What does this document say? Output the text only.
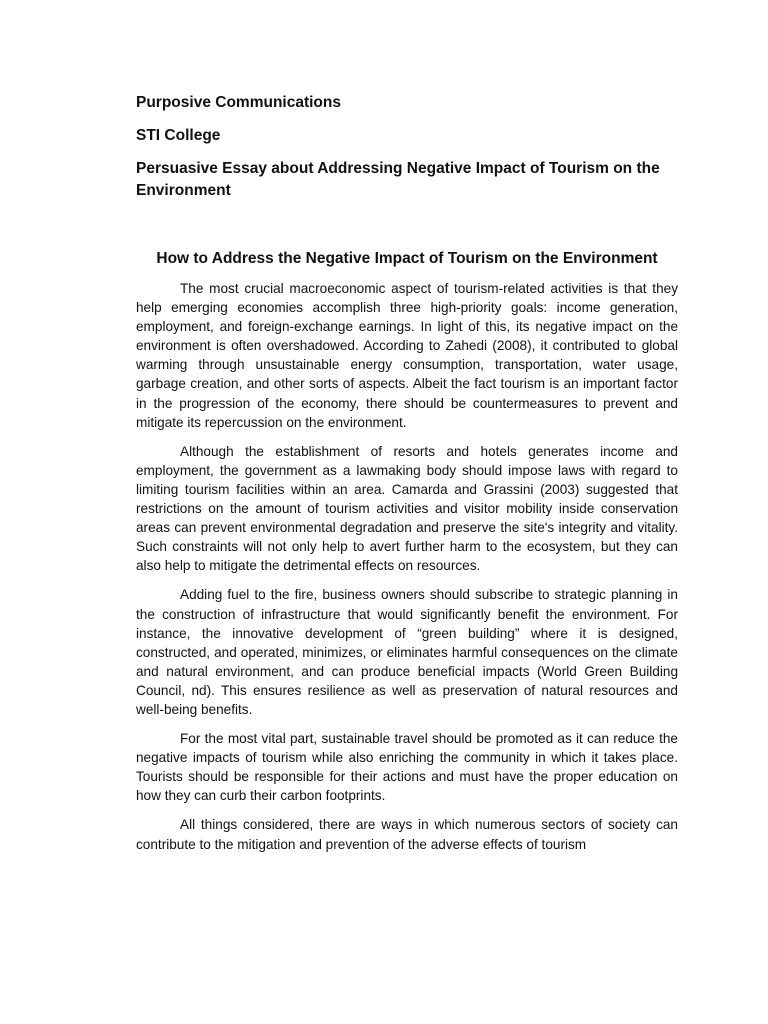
Purposive Communications
STI College
Persuasive Essay about Addressing Negative Impact of Tourism on the Environment
How to Address the Negative Impact of Tourism on the Environment

The most crucial macroeconomic aspect of tourism-related activities is that they help emerging economies accomplish three high-priority goals: income generation, employment, and foreign-exchange earnings. In light of this, its negative impact on the environment is often overshadowed. According to Zahedi (2008), it contributed to global warming through unsustainable energy consumption, transportation, water usage, garbage creation, and other sorts of aspects. Albeit the fact tourism is an important factor in the progression of the economy, there should be countermeasures to prevent and mitigate its repercussion on the environment.

Although the establishment of resorts and hotels generates income and employment, the government as a lawmaking body should impose laws with regard to limiting tourism facilities within an area. Camarda and Grassini (2003) suggested that restrictions on the amount of tourism activities and visitor mobility inside conservation areas can prevent environmental degradation and preserve the site's integrity and vitality. Such constraints will not only help to avert further harm to the ecosystem, but they can also help to mitigate the detrimental effects on resources.

Adding fuel to the fire, business owners should subscribe to strategic planning in the construction of infrastructure that would significantly benefit the environment. For instance, the innovative development of “green building” where it is designed, constructed, and operated, minimizes, or eliminates harmful consequences on the climate and natural environment, and can produce beneficial impacts (World Green Building Council, nd). This ensures resilience as well as preservation of natural resources and well-being benefits.

For the most vital part, sustainable travel should be promoted as it can reduce the negative impacts of tourism while also enriching the community in which it takes place. Tourists should be responsible for their actions and must have the proper education on how they can curb their carbon footprints.

All things considered, there are ways in which numerous sectors of society can contribute to the mitigation and prevention of the adverse effects of tourism
